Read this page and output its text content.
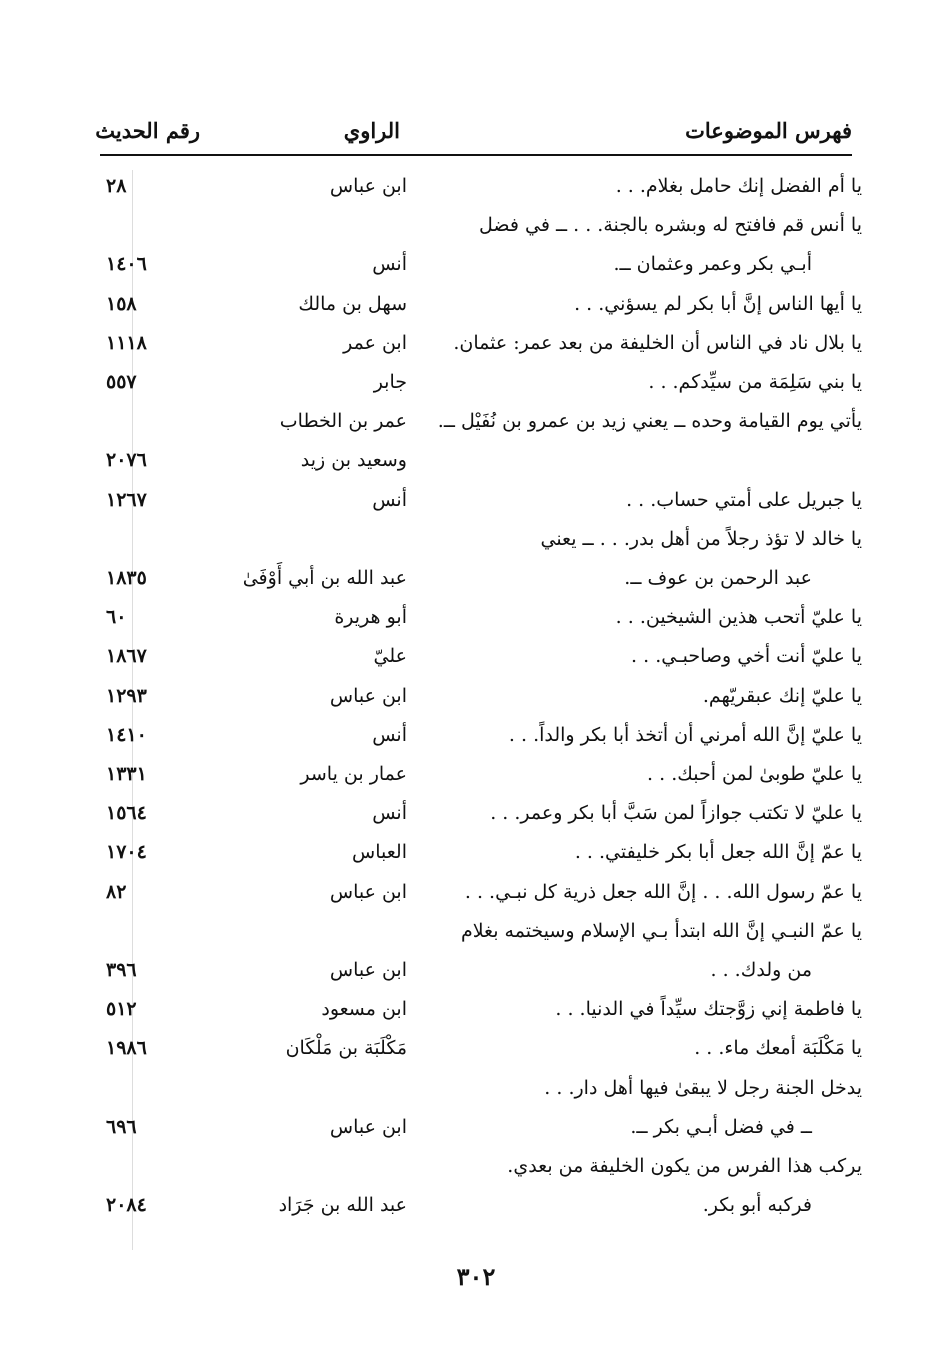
فهرس الموضوعات
الراوي
رقم الحديث
يا أم الفضل إنك حامل بغلام. . .
ابن عباس
٢٨
يا أنس قم فافتح له وبشره بالجنة. . . ــ في فضل
أبـي بكر وعمر وعثمان ــ.
أنس
١٤٠٦
يا أيها الناس إنَّ أبا بكر لم يسؤني. . .
سهل بن مالك
١٥٨
يا بلال ناد في الناس أن الخليفة من بعد عمر: عثمان.
ابن عمر
١١١٨
يا بني سَلِمَة من سيِّدكم. . .
جابر
٥٥٧
يأتي يوم القيامة وحده ــ يعني زيد بن عمرو بن نُفَيْل ــ.
عمر بن الخطاب
وسعيد بن زيد
٢٠٧٦
يا جبريل على أمتي حساب. . .
أنس
١٢٦٧
يا خالد لا تؤذ رجلاً من أهل بدر. . . ــ يعني
عبد الرحمن بن عوف ــ.
عبد الله بن أبي أَوْفَىٰ
١٨٣٥
يا عليّ أتحب هذين الشيخين. . .
أبو هريرة
٦٠
يا عليّ أنت أخي وصاحبـي. . .
عليّ
١٨٦٧
يا عليّ إنك عبقريّهم.
ابن عباس
١٢٩٣
يا عليّ إنَّ الله أمرني أن أتخذ أبا بكر والداً. . .
أنس
١٤١٠
يا عليّ طوبىٰ لمن أحبك. . .
عمار بن ياسر
١٣٣١
يا عليّ لا تكتب جوازاً لمن سَبَّ أبا بكر وعمر. . .
أنس
١٥٦٤
يا عمّ إنَّ الله جعل أبا بكر خليفتي. . .
العباس
١٧٠٤
يا عمّ رسول الله. . . إنَّ الله جعل ذرية كل نبـي. . .
ابن عباس
٨٢
يا عمّ النبـي إنَّ الله ابتدأ بـي الإسلام وسيختمه بغلام
من ولدك. . .
ابن عباس
٣٩٦
يا فاطمة إني زوَّجتك سيِّداً في الدنيا. . .
ابن مسعود
٥١٢
يا مَكْلَبَة أمعك ماء. . .
مَكْلَبَة بن مَلْكَان
١٩٨٦
يدخل الجنة رجل لا يبقىٰ فيها أهل دار. . .
ــ في فضل أبـي بكر ــ.
ابن عباس
٦٩٦
يركب هذا الفرس من يكون الخليفة من بعدي.
فركبه أبو بكر.
عبد الله بن جَرَاد
٢٠٨٤
٣٠٢
